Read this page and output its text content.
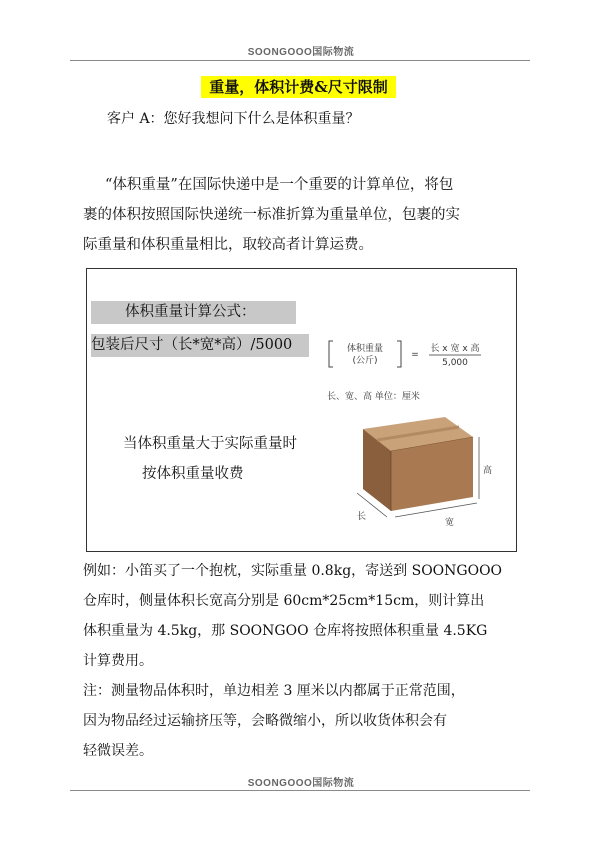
SOONGOOO国际物流
重量，体积计费&尺寸限制
客户 A：您好我想问下什么是体积重量？
“体积重量”在国际快递中是一个重要的计算单位，将包
裹的体积按照国际快递统一标准折算为重量单位，包裹的实
际重量和体积重量相比，取较高者计算运费。
体积重量计算公式：
包装后尺寸（长*宽*高）/5000
当体积重量大于实际重量时
按体积重量收费
体积重量
(公斤)
=
长 x 宽 x 高
5,000
长、宽、高 单位：厘米
高
长
宽
例如：小笛买了一个抱枕，实际重量 0.8kg，寄送到 SOONGOOO
仓库时，侧量体积长宽高分别是 60cm*25cm*15cm，则计算出
体积重量为 4.5kg，那 SOONGOO 仓库将按照体积重量 4.5KG
计算费用。
注：测量物品体积时，单边相差 3 厘米以内都属于正常范围，
因为物品经过运输挤压等，会略微缩小，所以收货体积会有
轻微误差。
SOONGOOO国际物流
